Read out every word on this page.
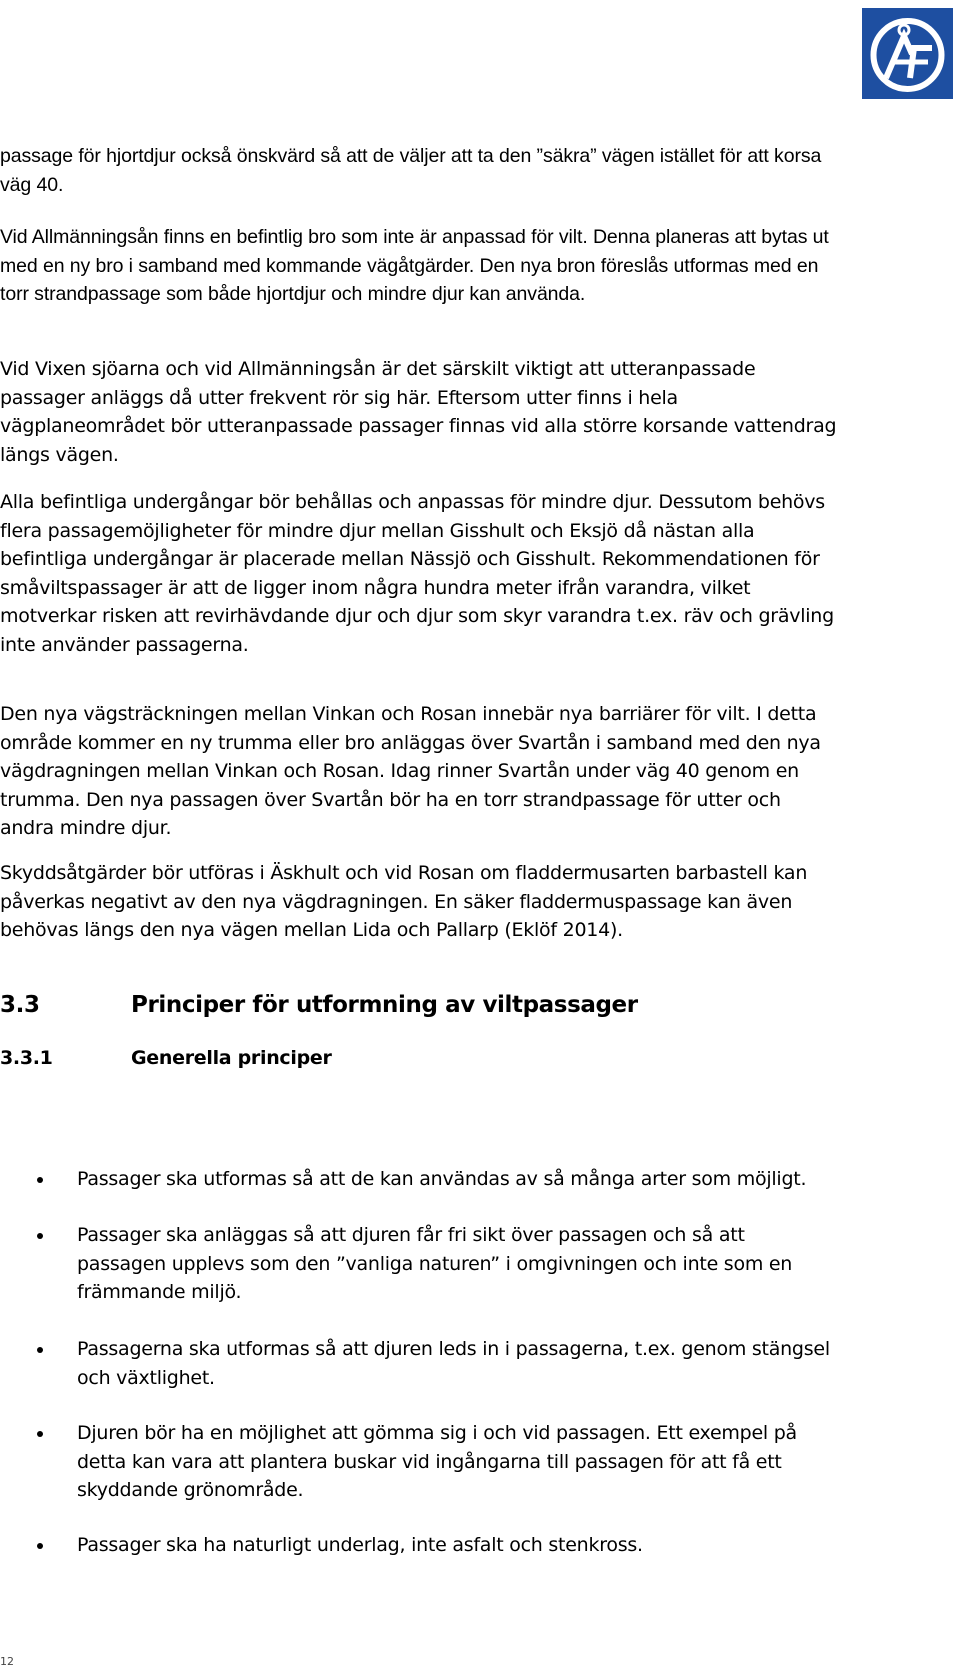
passage för hjortdjur också önskvärd så att de väljer att ta den ”säkra” vägen istället för att korsa väg 40.

Vid Allmänningsån finns en befintlig bro som inte är anpassad för vilt. Denna planeras att bytas ut med en ny bro i samband med kommande vägåtgärder. Den nya bron föreslås utformas med en torr strandpassage som både hjortdjur och mindre djur kan använda.

Vid Vixen sjöarna och vid Allmänningsån är det särskilt viktigt att utteranpassade passager anläggs då utter frekvent rör sig här. Eftersom utter finns i hela vägplaneområdet bör utteranpassade passager finnas vid alla större korsande vattendrag längs vägen.

Alla befintliga undergångar bör behållas och anpassas för mindre djur. Dessutom behövs flera passagemöjligheter för mindre djur mellan Gisshult och Eksjö då nästan alla befintliga undergångar är placerade mellan Nässjö och Gisshult. Rekommendationen för småviltspassager är att de ligger inom några hundra meter ifrån varandra, vilket motverkar risken att revirhävdande djur och djur som skyr varandra t.ex. räv och grävling inte använder passagerna.

Den nya vägsträckningen mellan Vinkan och Rosan innebär nya barriärer för vilt. I detta område kommer en ny trumma eller bro anläggas över Svartån i samband med den nya vägdragningen mellan Vinkan och Rosan. Idag rinner Svartån under väg 40 genom en trumma. Den nya passagen över Svartån bör ha en torr strandpassage för utter och andra mindre djur.

Skyddsåtgärder bör utföras i Äskhult och vid Rosan om fladdermusarten barbastell kan påverkas negativt av den nya vägdragningen. En säker fladdermuspassage kan även behövas längs den nya vägen mellan Lida och Pallarp (Eklöf 2014).

3.3	Principer för utformning av viltpassager
3.3.1	Generella principer
Passager ska utformas så att de kan användas av så många arter som möjligt.
Passager ska anläggas så att djuren får fri sikt över passagen och så att passagen upplevs som den ”vanliga naturen” i omgivningen och inte som en främmande miljö.
Passagerna ska utformas så att djuren leds in i passagerna, t.ex. genom stängsel och växtlighet.
Djuren bör ha en möjlighet att gömma sig i och vid passagen. Ett exempel på detta kan vara att plantera buskar vid ingångarna till passagen för att få ett skyddande grönområde.
Passager ska ha naturligt underlag, inte asfalt och stenkross.
12
